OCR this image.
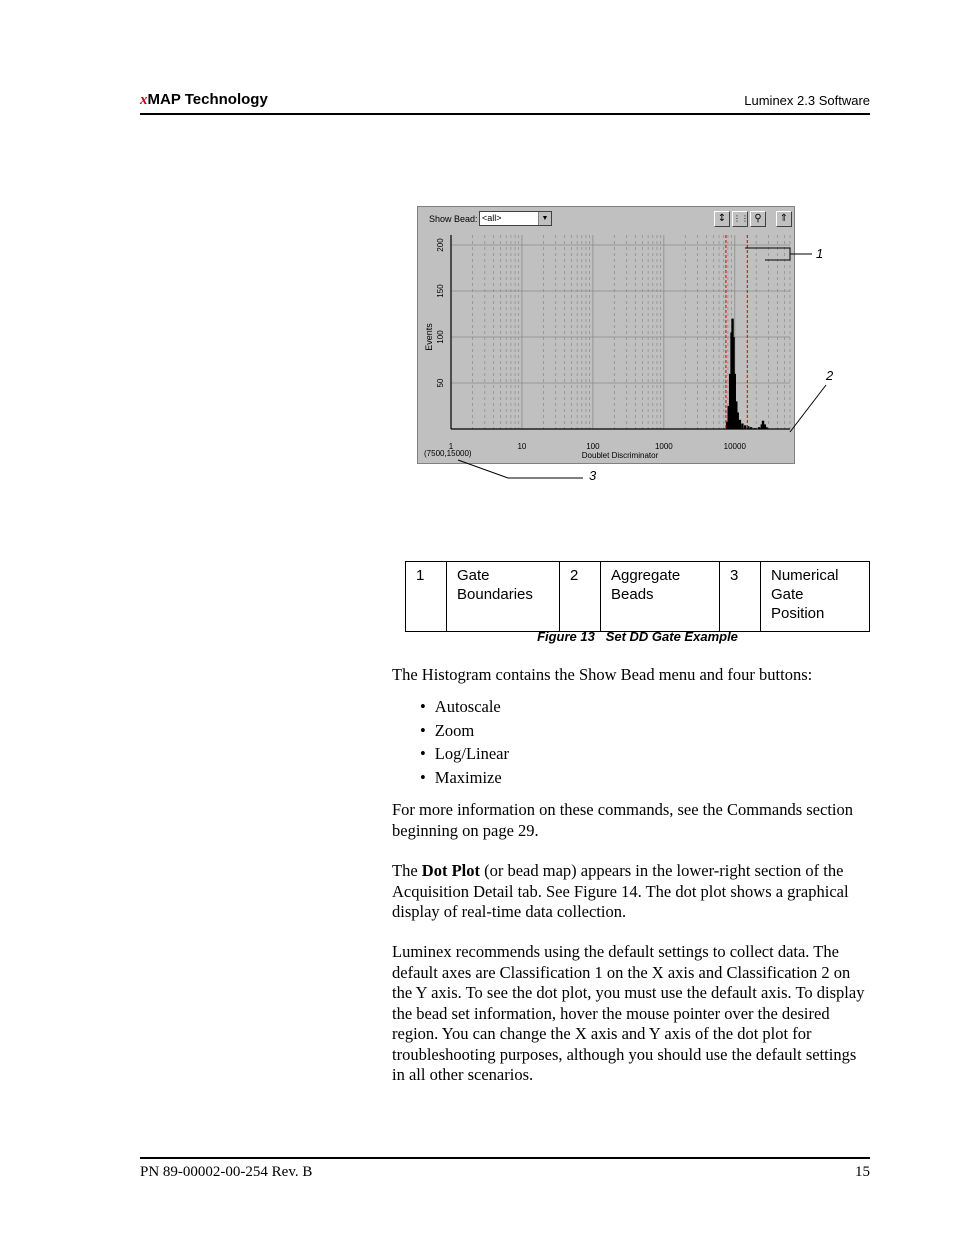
xMAP Technology	Luminex 2.3 Software
Show Bead: <all>	▼	↕ ⋮⋮ ⚲	⇑
50
100
150
200
1	10	100	1000	10000
Events
Doublet Discriminator
(7500,15000)
1
2
3
1	Gate Boundaries	2	Aggregate Beads	3	Numerical Gate Position
Figure 13   Set DD Gate Example
The Histogram contains the Show Bead menu and four buttons:
• Autoscale
• Zoom
• Log/Linear
• Maximize
For more information on these commands, see the Commands section beginning on page 29.
The Dot Plot (or bead map) appears in the lower-right section of the Acquisition Detail tab. See Figure 14. The dot plot shows a graphical display of real-time data collection.
Luminex recommends using the default settings to collect data. The default axes are Classification 1 on the X axis and Classification 2 on the Y axis. To see the dot plot, you must use the default axis. To display the bead set information, hover the mouse pointer over the desired region. You can change the X axis and Y axis of the dot plot for troubleshooting purposes, although you should use the default settings in all other scenarios.
PN 89-00002-00-254 Rev. B	15
